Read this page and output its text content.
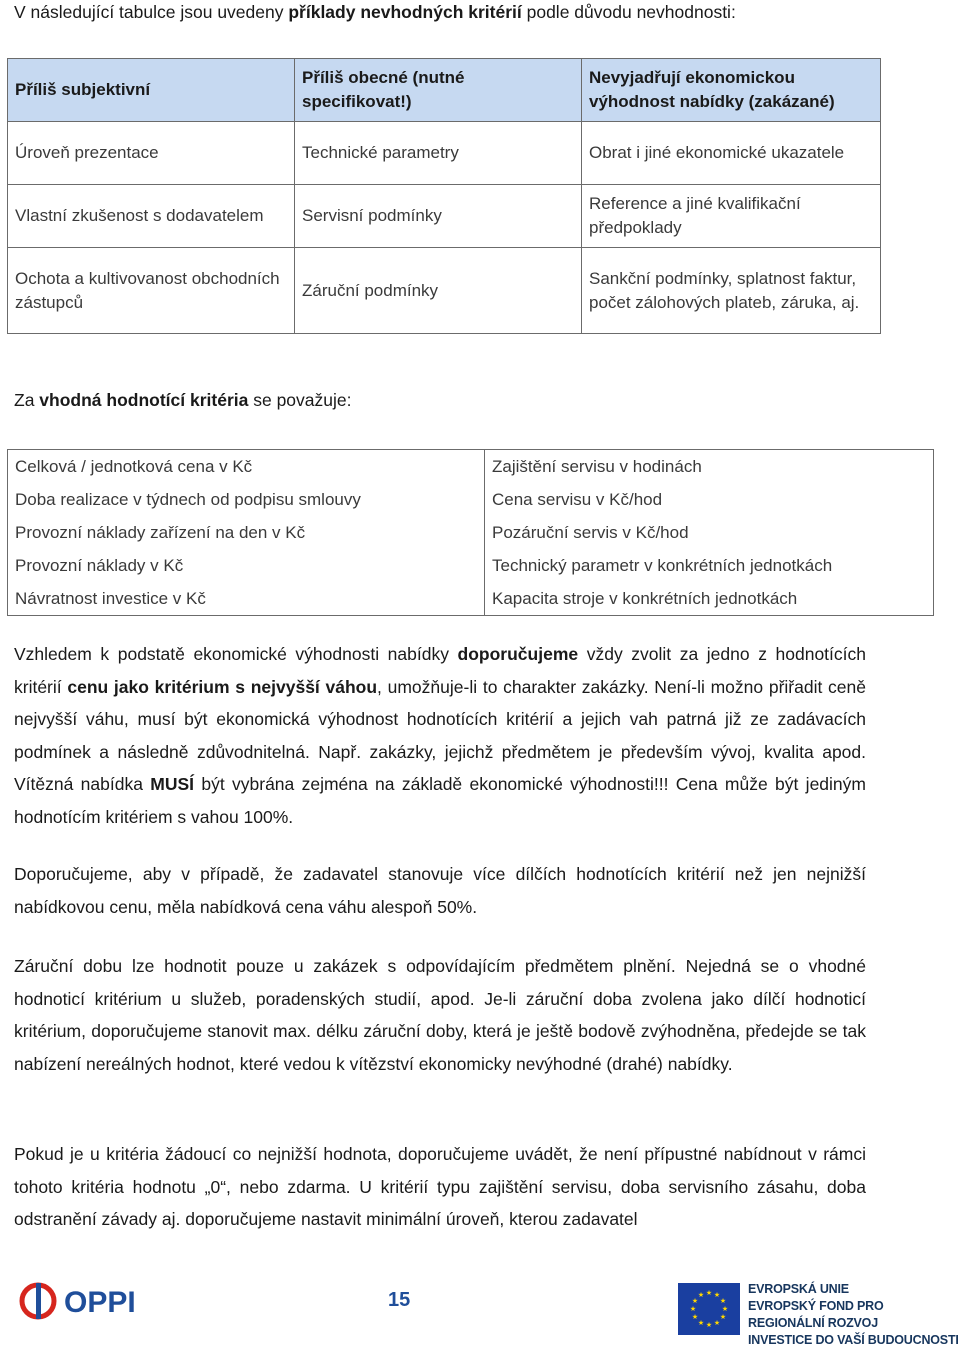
V následující tabulce jsou uvedeny příklady nevhodných kritérií podle důvodu nevhodnosti:
Příliš subjektivní	Příliš obecné (nutné specifikovat!)	Nevyjadřují ekonomickou výhodnost nabídky (zakázané)
Úroveň prezentace	Technické parametry	Obrat i jiné ekonomické ukazatele
Vlastní zkušenost s dodavatelem	Servisní podmínky	Reference a jiné kvalifikační předpoklady
Ochota a kultivovanost obchodních zástupců	Záruční podmínky	Sankční podmínky, splatnost faktur, počet zálohových plateb, záruka, aj.
Za vhodná hodnotící kritéria se považuje:
Celková / jednotková cena v Kč	Zajištění servisu v hodinách
Doba realizace v týdnech od podpisu smlouvy	Cena servisu v Kč/hod
Provozní náklady zařízení na den v Kč	Pozáruční servis v Kč/hod
Provozní náklady v Kč	Technický parametr v konkrétních jednotkách
Návratnost investice v Kč	Kapacita stroje v konkrétních jednotkách
Vzhledem k podstatě ekonomické výhodnosti nabídky doporučujeme vždy zvolit za jedno z hodnotících kritérií cenu jako kritérium s nejvyšší váhou, umožňuje-li to charakter zakázky. Není-li možno přiřadit ceně nejvyšší váhu, musí být ekonomická výhodnost hodnotících kritérií a jejich vah patrná již ze zadávacích podmínek a následně zdůvodnitelná. Např. zakázky, jejichž předmětem je především vývoj, kvalita apod. Vítězná nabídka MUSÍ být vybrána zejména na základě ekonomické výhodnosti!!! Cena může být jediným hodnotícím kritériem s vahou 100%.
Doporučujeme, aby v případě, že zadavatel stanovuje více dílčích hodnotících kritérií než jen nejnižší nabídkovou cenu, měla nabídková cena váhu alespoň 50%.
Záruční dobu lze hodnotit pouze u zakázek s odpovídajícím předmětem plnění. Nejedná se o vhodné hodnoticí kritérium u služeb, poradenských studií, apod. Je-li záruční doba zvolena jako dílčí hodnoticí kritérium, doporučujeme stanovit max. délku záruční doby, která je ještě bodově zvýhodněna, předejde se tak nabízení nereálných hodnot, které vedou k vítězství ekonomicky nevýhodné (drahé) nabídky.
Pokud je u kritéria žádoucí co nejnižší hodnota, doporučujeme uvádět, že není přípustné nabídnout v rámci tohoto kritéria hodnotu „0“, nebo zdarma. U kritérií typu zajištění servisu, doba servisního zásahu, doba odstranění závady aj. doporučujeme nastavit minimální úroveň, kterou zadavatel
OPPI	15	★ ★
★
★
★
★
★
★
★
★
★
★	EVROPSKÁ UNIE
EVROPSKÝ FOND PRO REGIONÁLNÍ ROZVOJ
INVESTICE DO VAŠÍ BUDOUCNOSTI
